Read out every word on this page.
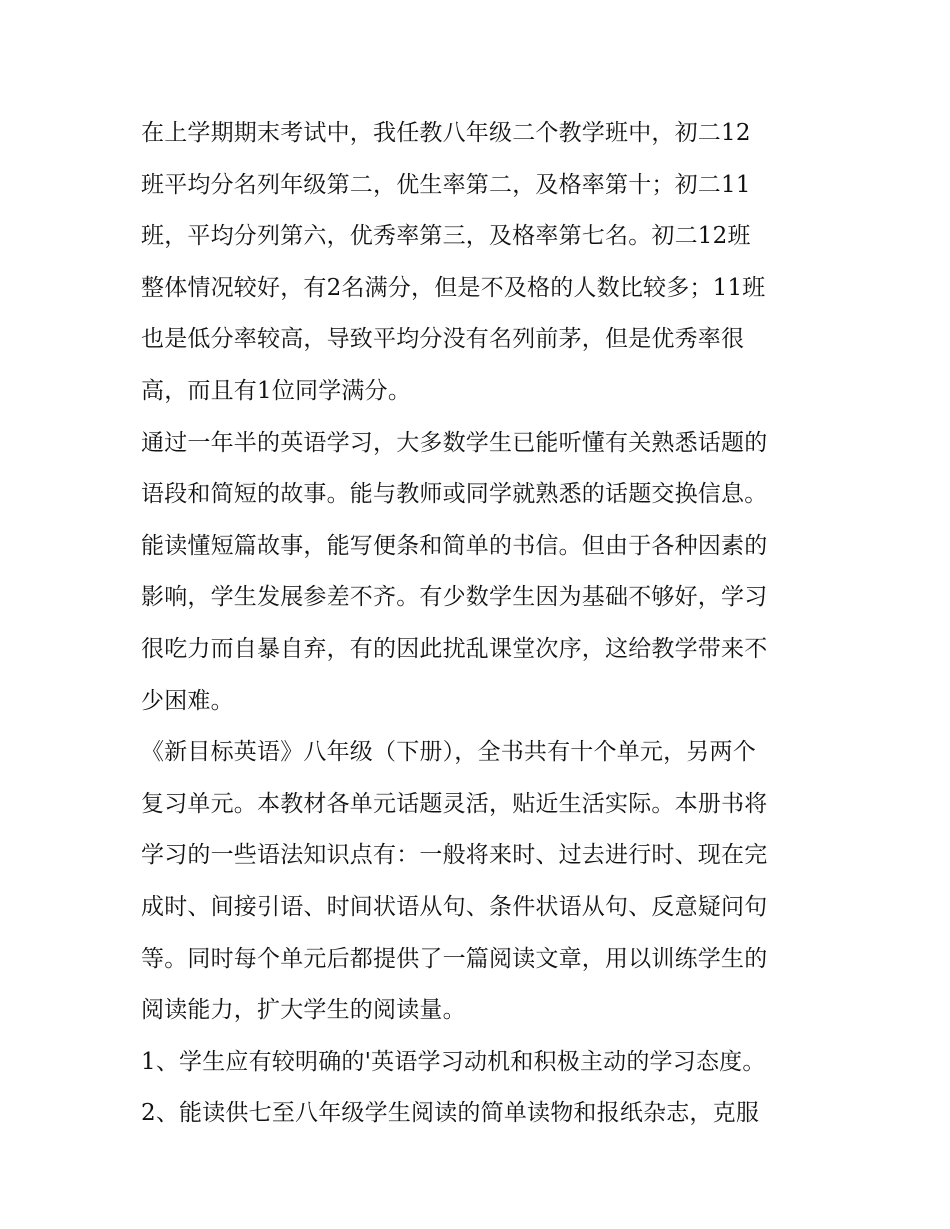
在上学期期末考试中，我任教八年级二个教学班中，初二12
班平均分名列年级第二，优生率第二，及格率第十；初二11
班，平均分列第六，优秀率第三，及格率第七名。初二12班
整体情况较好，有2名满分，但是不及格的人数比较多；11班
也是低分率较高，导致平均分没有名列前茅，但是优秀率很
高，而且有1位同学满分。
通过一年半的英语学习，大多数学生已能听懂有关熟悉话题的
语段和简短的故事。能与教师或同学就熟悉的话题交换信息。
能读懂短篇故事，能写便条和简单的书信。但由于各种因素的
影响，学生发展参差不齐。有少数学生因为基础不够好，学习
很吃力而自暴自弃，有的因此扰乱课堂次序，这给教学带来不
少困难。
《新目标英语》八年级（下册），全书共有十个单元，另两个
复习单元。本教材各单元话题灵活，贴近生活实际。本册书将
学习的一些语法知识点有：一般将来时、过去进行时、现在完
成时、间接引语、时间状语从句、条件状语从句、反意疑问句
等。同时每个单元后都提供了一篇阅读文章，用以训练学生的
阅读能力，扩大学生的阅读量。
1、学生应有较明确的'英语学习动机和积极主动的学习态度。
2、能读供七至八年级学生阅读的简单读物和报纸杂志，克服
